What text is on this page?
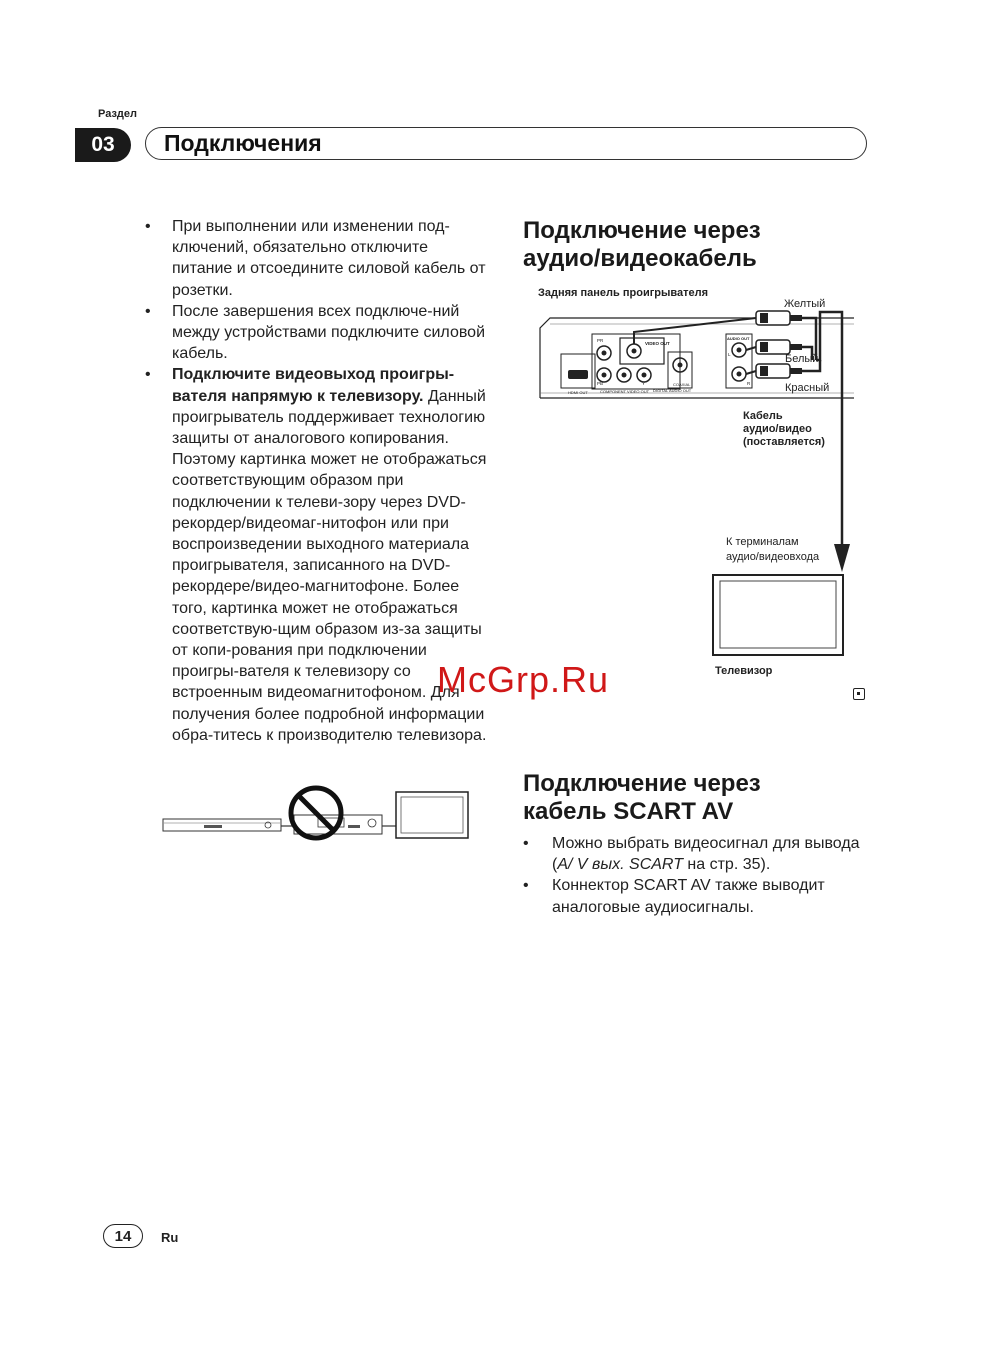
Раздел
03	Подключения
•	При выполнении или изменении под-ключений, обязательно отключите питание и отсоедините силовой кабель от розетки.
•	После завершения всех подключе-ний между устройствами подключите силовой кабель.
•	Подключите видеовыход проигры-вателя напрямую к телевизору. Данный проигрыватель поддерживает технологию защиты от аналогового копирования. Поэтому картинка может не отображаться соответствующим образом при подключении к телеви-зору через DVD-рекордер/видеомаг-нитофон или при воспроизведении выходного материала проигрывателя, записанного на DVD-рекордере/видео-магнитофоне. Более того, картинка может не отображаться соответствую-щим образом из-за защиты от копи-рования при подключении проигры-вателя к телевизору со встроенным видеомагнитофоном. Для получения более подробной информации обра-титесь к производителю телевизора.
Подключение через
аудио/видеокабель
Задняя панель проигрывателя
HDMI OUT
PR
PB	Y
VIDEO OUT
COMPONENT VIDEO OUT
COAXIAL
DIGITAL AUDIO OUT
AUDIO OUT
L
R
Желтый
Белый
Красный
Кабель
аудио/видео
(поставляется)
К терминалам
аудио/видеовхода
Телевизор
McGrp.Ru
Подключение через
кабель SCART AV
•	Можно выбрать видеосигнал для вывода (A/ V вых. SCART на стр. 35).
•	Коннектор SCART AV также выводит аналоговые аудиосигналы.
14	Ru
